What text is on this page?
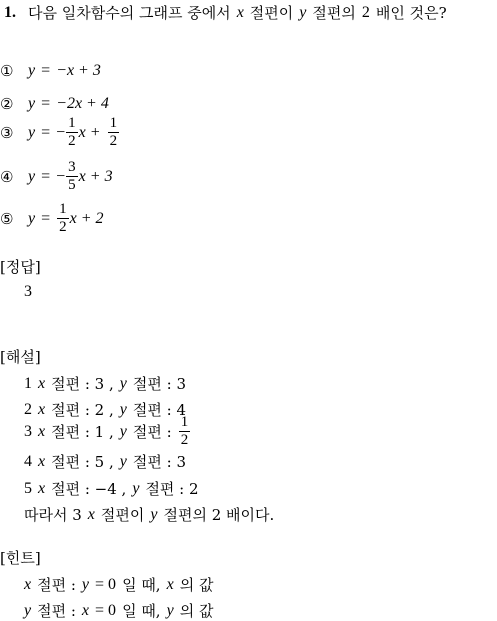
1. 다음 일차함수의 그래프 중에서 x 절편이 y 절편의 2 배인 것은?
① y = −x + 3
② y = −2x + 4
③ y = − $\frac{1}{2}$ $x + \frac{1}{2}$
④ y = − $\frac{3}{5}$ x + 3
⑤ $y = \frac{1}{2}$ x + 2
[정답]
3
[해설]
1 x 절편 : 3 , y 절편 : 3
2 x 절편 : 2 , y 절편 : 4
3 x 절편 : 1 , y 절편 : $\frac{1}{2}$
4 x 절편 : 5 , y 절편 : 3
5 x 절편 : −4 , y 절편 : 2
따라서 3 x 절편이 y 절편의 2 배이다.
[힌트]
x 절편 : y = 0 일 때, x 의 값
y 절편 : x = 0 일 때, y 의 값
